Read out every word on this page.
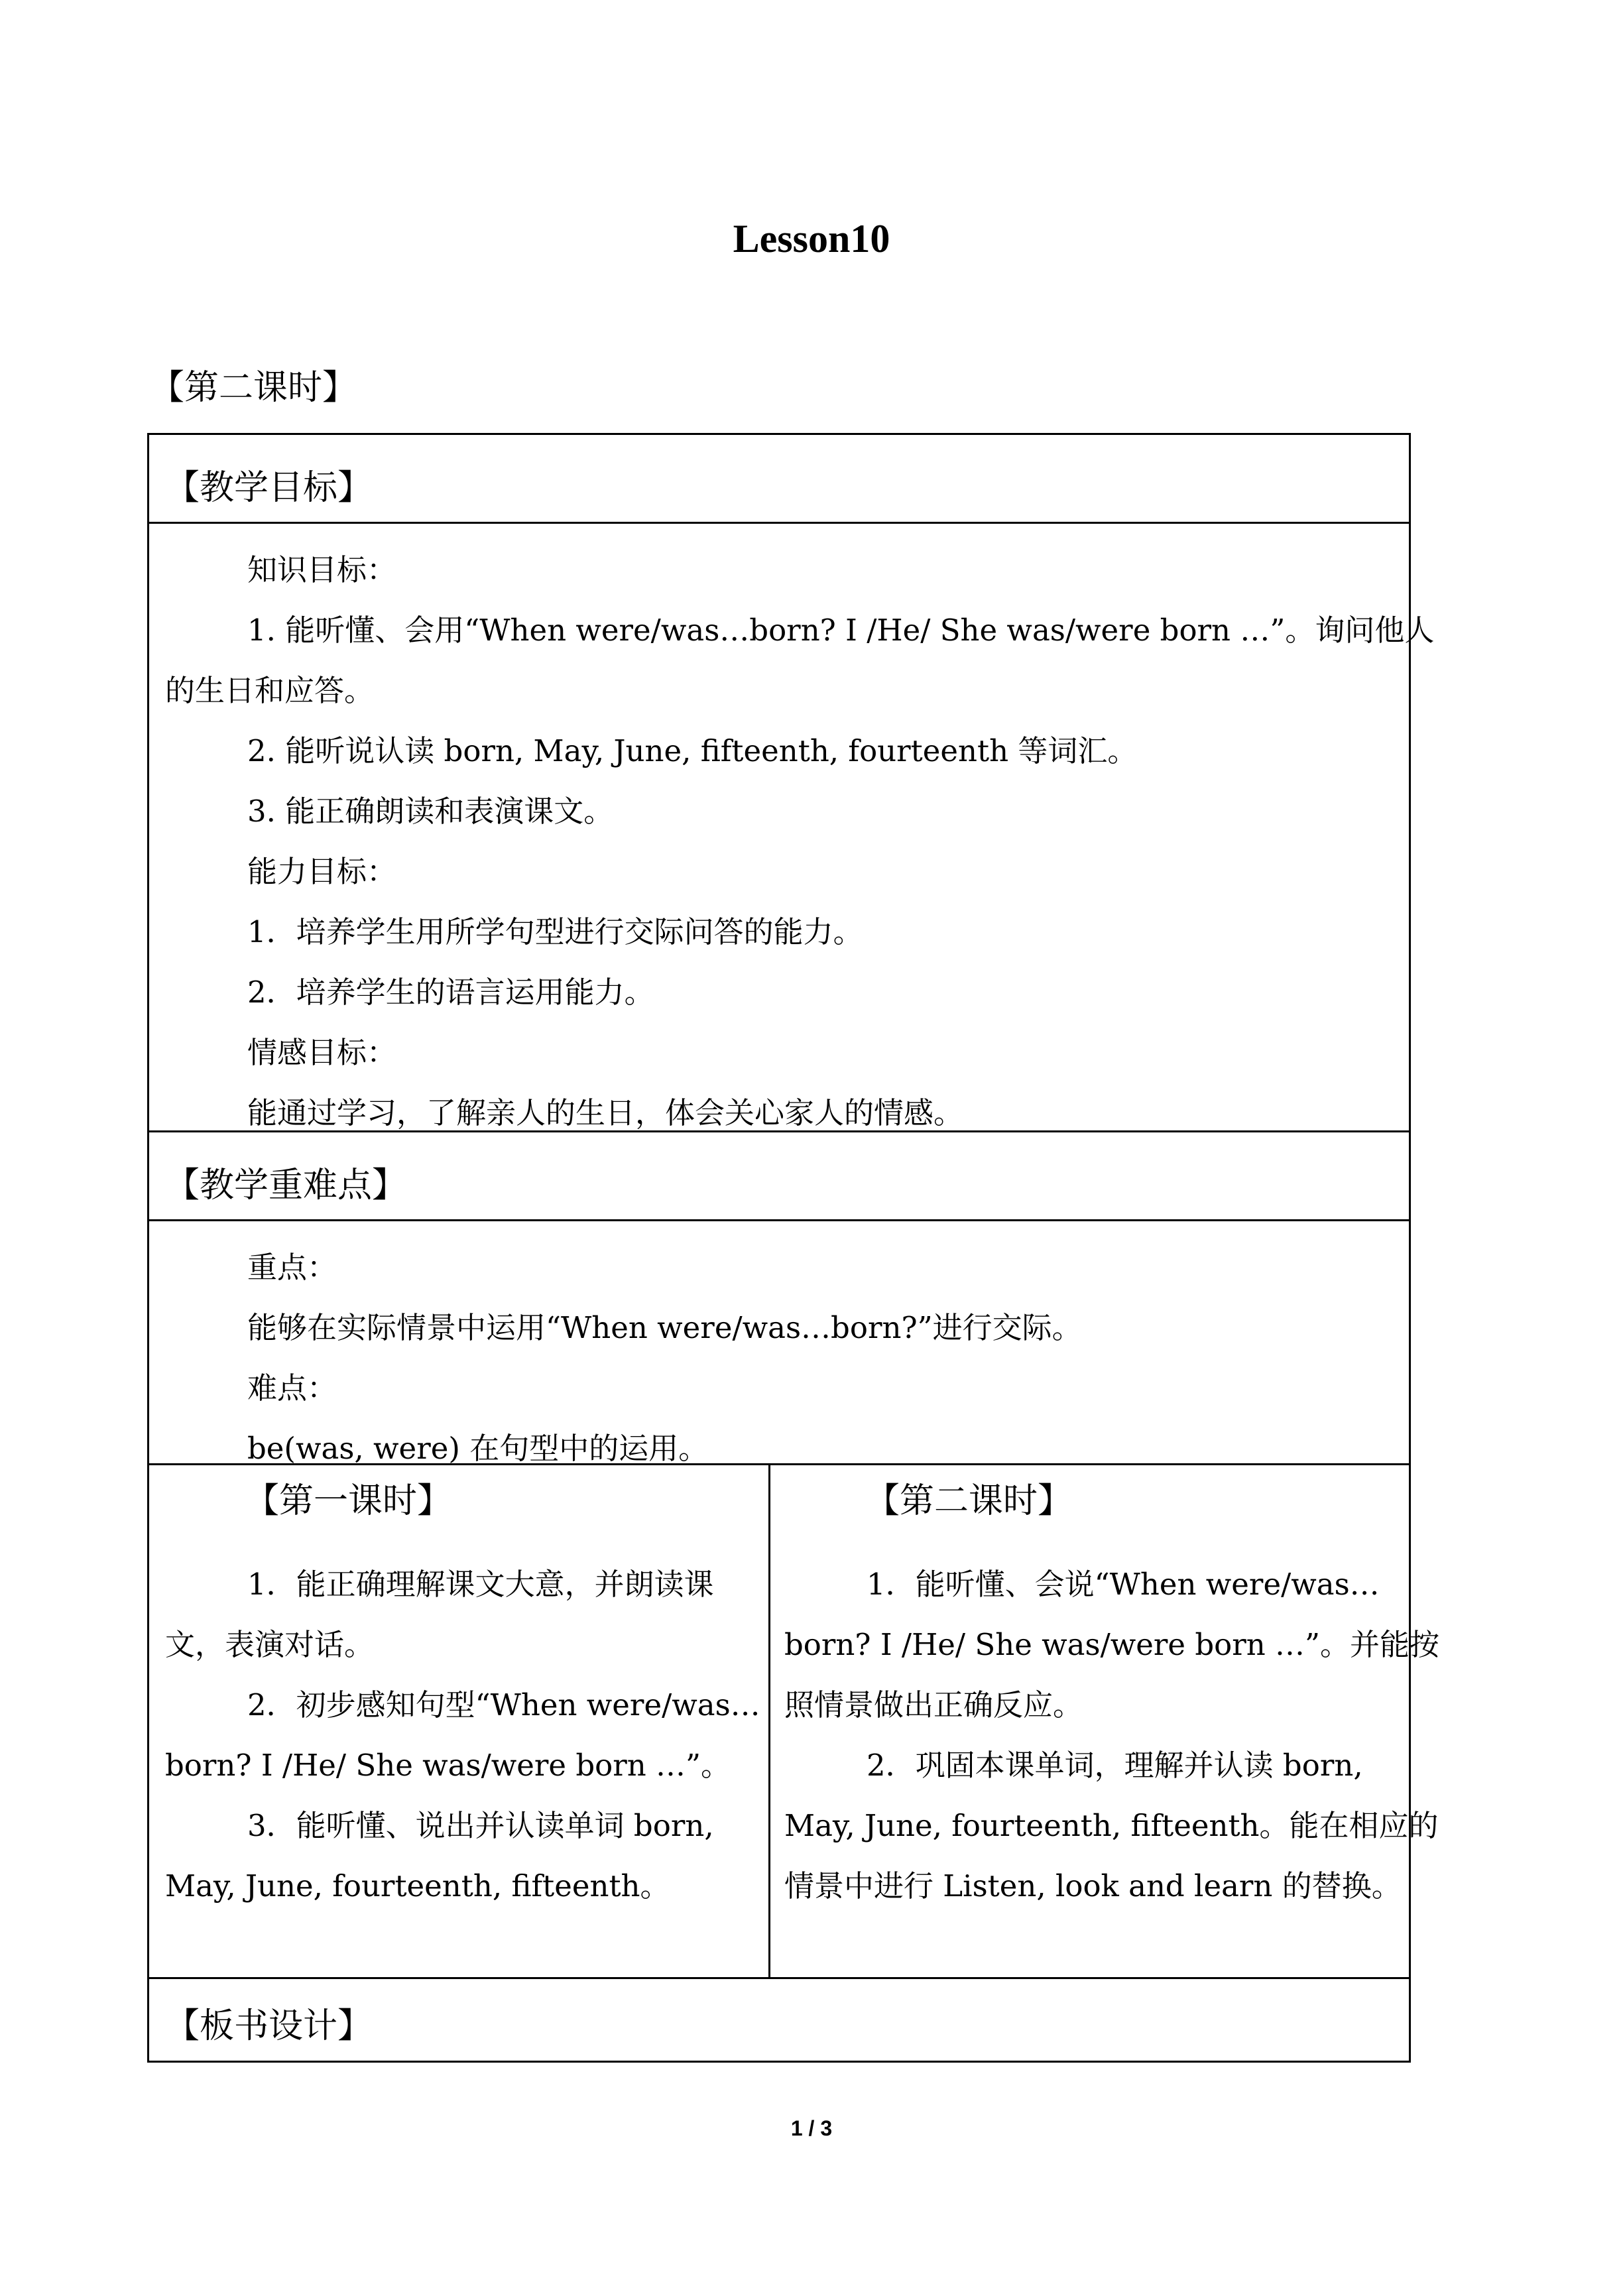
Lesson10
【第二课时】
【教学目标】
知识目标：
1. 能听懂、会用“When were/was…born? I /He/ She was/were born …”。询问他人
的生日和应答。
2. 能听说认读 born, May, June, fifteenth, fourteenth 等词汇。
3. 能正确朗读和表演课文。
能力目标：
1．培养学生用所学句型进行交际问答的能力。
2．培养学生的语言运用能力。
情感目标：
能通过学习，了解亲人的生日，体会关心家人的情感。
【教学重难点】
重点：
能够在实际情景中运用“When were/was…born?”进行交际。
难点：
be(was, were) 在句型中的运用。
【第一课时】
1．能正确理解课文大意，并朗读课
文，表演对话。
2．初步感知句型“When were/was…
born? I /He/ She was/were born …”。
3．能听懂、说出并认读单词 born,
May, June, fourteenth, fifteenth。
【第二课时】
1．能听懂、会说“When were/was…
born? I /He/ She was/were born …”。并能按
照情景做出正确反应。
2．巩固本课单词，理解并认读 born,
May, June, fourteenth, fifteenth。能在相应的
情景中进行 Listen, look and learn 的替换。
【板书设计】
1 / 3
